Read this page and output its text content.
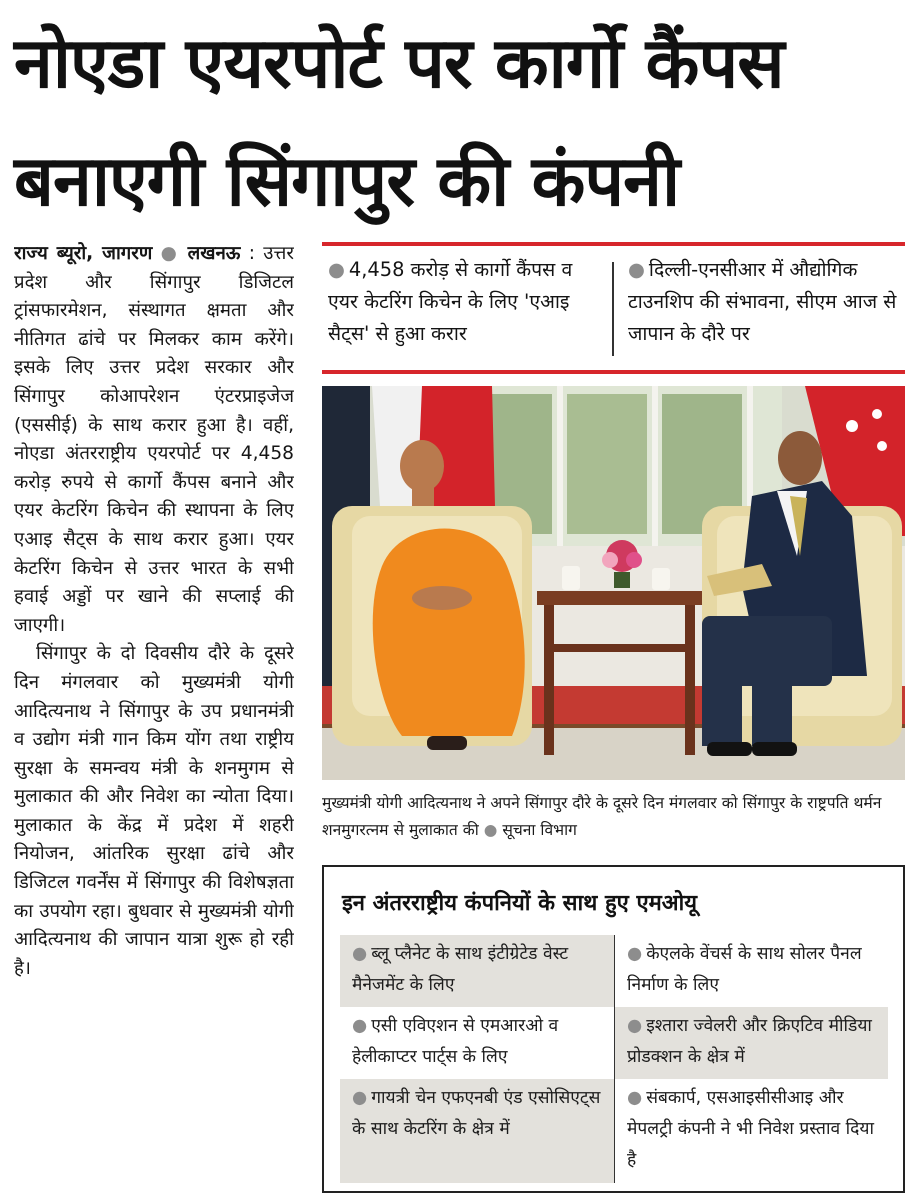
नोएडा एयरपोर्ट पर कार्गो कैंपस
बनाएगी सिंगापुर की कंपनी

राज्य ब्यूरो, जागरण ● लखनऊ : उत्तर प्रदेश और सिंगापुर डिजिटल ट्रांसफारमेशन, संस्थागत क्षमता और नीतिगत ढांचे पर मिलकर काम करेंगे। इसके लिए उत्तर प्रदेश सरकार और सिंगापुर कोआपरेशन एंटरप्राइजेज (एससीई) के साथ करार हुआ है। वहीं, नोएडा अंतरराष्ट्रीय एयरपोर्ट पर 4,458 करोड़ रुपये से कार्गो कैंपस बनाने और एयर केटरिंग किचेन की स्थापना के लिए एआइ सैट्स के साथ करार हुआ। एयर केटरिंग किचेन से उत्तर भारत के सभी हवाई अड्डों पर खाने की सप्लाई की जाएगी।

सिंगापुर के दो दिवसीय दौरे के दूसरे दिन मंगलवार को मुख्यमंत्री योगी आदित्यनाथ ने सिंगापुर के उप प्रधानमंत्री व उद्योग मंत्री गान किम योंग तथा राष्ट्रीय सुरक्षा के समन्वय मंत्री के शनमुगम से मुलाकात की और निवेश का न्योता दिया। मुलाकात के केंद्र में प्रदेश में शहरी नियोजन, आंतरिक सुरक्षा ढांचे और डिजिटल गवर्नेंस में सिंगापुर की विशेषज्ञता का उपयोग रहा। बुधवार से मुख्यमंत्री योगी आदित्यनाथ की जापान यात्रा शुरू हो रही है।

● 4,458 करोड़ से कार्गो कैंपस व एयर केटरिंग किचेन के लिए 'एआइ सैट्स' से हुआ करार
● दिल्ली-एनसीआर में औद्योगिक टाउनशिप की संभावना, सीएम आज से जापान के दौरे पर
मुख्यमंत्री योगी आदित्यनाथ ने अपने सिंगापुर दौरे के दूसरे दिन मंगलवार को सिंगापुर के राष्ट्रपति थर्मन शनमुगरत्नम से मुलाकात की ● सूचना विभाग
इन अंतरराष्ट्रीय कंपनियों के साथ हुए एमओयू
● ब्लू प्लैनेट के साथ इंटीग्रेटेड वेस्ट मैनेजमेंट के लिए
● केएलके वेंचर्स के साथ सोलर पैनल निर्माण के लिए
● एसी एविएशन से एमआरओ व हेलीकाप्टर पार्ट्स के लिए
● इश्तारा ज्वेलरी और क्रिएटिव मीडिया प्रोडक्शन के क्षेत्र में
● गायत्री चेन एफएनबी एंड एसोसिएट्स के साथ केटरिंग के क्षेत्र में
● संबकार्प, एसआइसीसीआइ और मेपलट्री कंपनी ने भी निवेश प्रस्ताव दिया है
